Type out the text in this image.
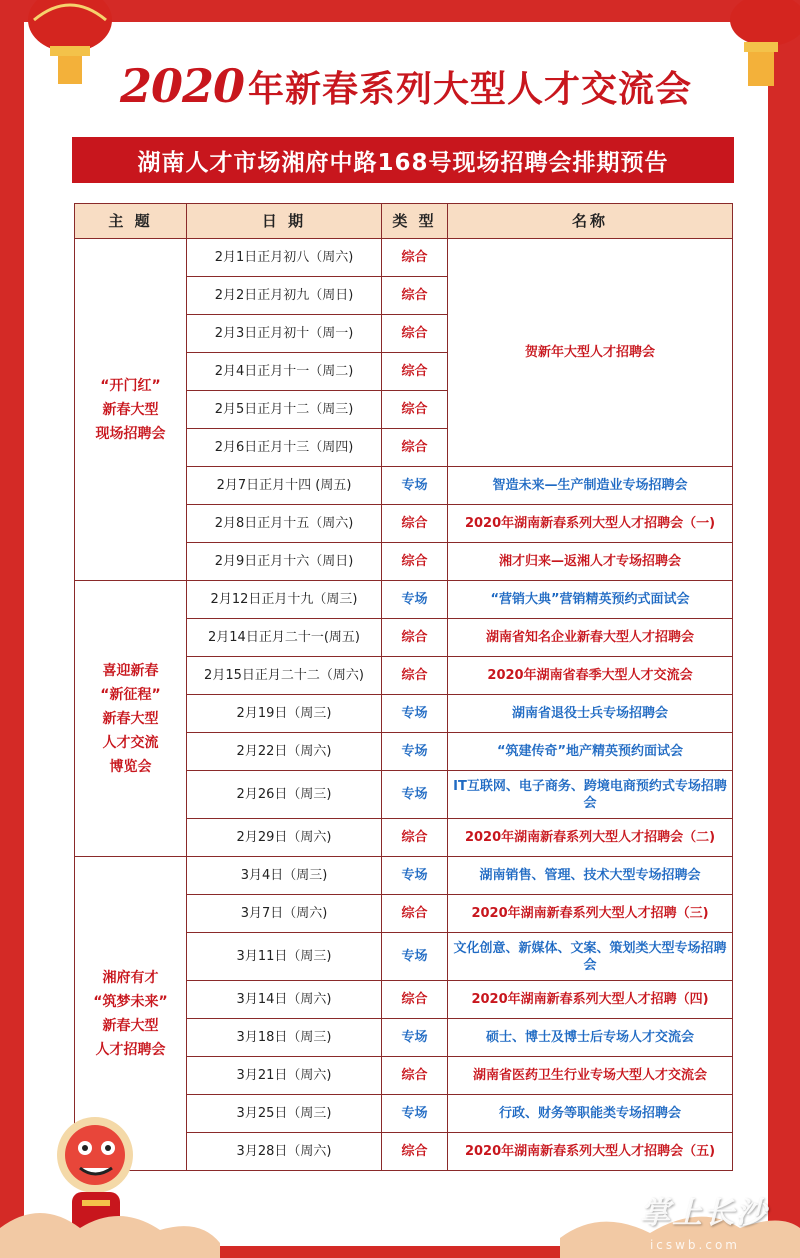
2020 年新春系列大型人才交流会
湖南人才市场湘府中路168号现场招聘会排期预告
主 题	日 期	类 型	名称

“开门红”
新春大型
现场招聘会	2月1日正月初八（周六)	综合	贺新年大型人才招聘会
	2月2日正月初九（周日)	综合	
	2月3日正月初十（周一)	综合	
	2月4日正月十一（周二)	综合	
	2月5日正月十二（周三)	综合	
	2月6日正月十三（周四)	综合	
	2月7日正月十四 (周五)	专场	智造未来—生产制造业专场招聘会
	2月8日正月十五（周六)	综合	2020年湖南新春系列大型人才招聘会（一)
	2月9日正月十六（周日)	综合	湘才归来—返湘人才专场招聘会

喜迎新春
“新征程”
新春大型
人才交流
博览会	2月12日正月十九（周三)	专场	“营销大典”营销精英预约式面试会
	2月14日正月二十一(周五)	综合	湖南省知名企业新春大型人才招聘会
	2月15日正月二十二（周六)	综合	2020年湖南省春季大型人才交流会
	2月19日（周三)	专场	湖南省退役士兵专场招聘会
	2月22日（周六)	专场	“筑建传奇”地产精英预约面试会
	2月26日（周三)	专场	IT互联网、电子商务、跨境电商预约式专场招聘会
	2月29日（周六)	综合	2020年湖南新春系列大型人才招聘会（二)

湘府有才
“筑梦未来”
新春大型
人才招聘会	3月4日（周三)	专场	湖南销售、管理、技术大型专场招聘会
	3月7日（周六)	综合	2020年湖南新春系列大型人才招聘（三)
	3月11日（周三)	专场	文化创意、新媒体、文案、策划类大型专场招聘会
	3月14日（周六)	综合	2020年湖南新春系列大型人才招聘（四)
	3月18日（周三)	专场	硕士、博士及博士后专场人才交流会
	3月21日（周六)	综合	湖南省医药卫生行业专场大型人才交流会
	3月25日（周三)	专场	行政、财务等职能类专场招聘会
	3月28日（周六)	综合	2020年湖南新春系列大型人才招聘会（五)
掌上长沙
icswb.com
